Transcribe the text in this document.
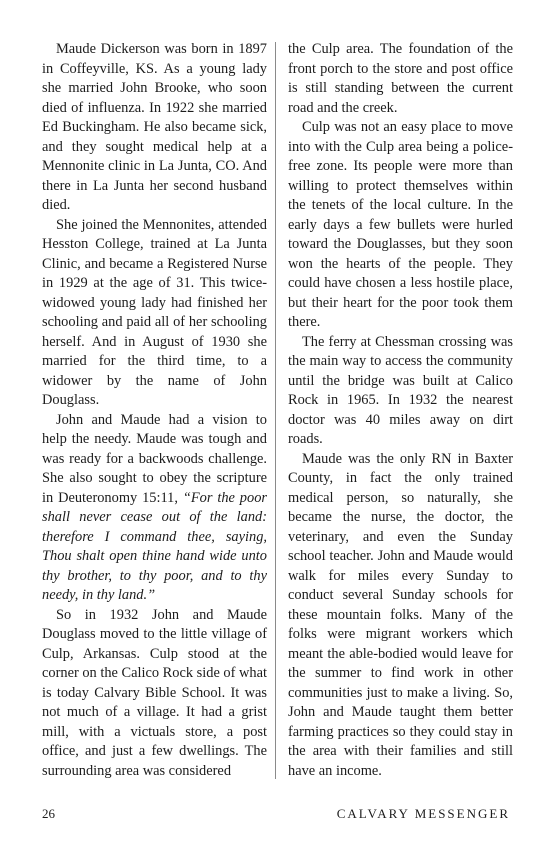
Maude Dickerson was born in 1897 in Coffeyville, KS. As a young lady she married John Brooke, who soon died of influenza. In 1922 she married Ed Buckingham. He also became sick, and they sought medical help at a Mennonite clinic in La Junta, CO. And there in La Junta her second husband died.

She joined the Mennonites, attended Hesston College, trained at La Junta Clinic, and became a Registered Nurse in 1929 at the age of 31. This twice-widowed young lady had finished her schooling and paid all of her schooling herself. And in August of 1930 she married for the third time, to a widower by the name of John Douglass.

John and Maude had a vision to help the needy. Maude was tough and was ready for a backwoods challenge. She also sought to obey the scripture in Deuteronomy 15:11, “For the poor shall never cease out of the land: therefore I command thee, saying, Thou shalt open thine hand wide unto thy brother, to thy poor, and to thy needy, in thy land.”

So in 1932 John and Maude Douglass moved to the little village of Culp, Arkansas. Culp stood at the corner on the Calico Rock side of what is today Calvary Bible School. It was not much of a village. It had a grist mill, with a victuals store, a post office, and just a few dwellings. The surrounding area was considered

the Culp area. The foundation of the front porch to the store and post office is still standing between the current road and the creek.

Culp was not an easy place to move into with the Culp area being a police-free zone. Its people were more than willing to protect themselves within the tenets of the local culture. In the early days a few bullets were hurled toward the Douglasses, but they soon won the hearts of the people. They could have chosen a less hostile place, but their heart for the poor took them there.

The ferry at Chessman crossing was the main way to access the community until the bridge was built at Calico Rock in 1965. In 1932 the nearest doctor was 40 miles away on dirt roads.

Maude was the only RN in Baxter County, in fact the only trained medical person, so naturally, she became the nurse, the doctor, the veterinary, and even the Sunday school teacher. John and Maude would walk for miles every Sunday to conduct several Sunday schools for these mountain folks. Many of the folks were migrant workers which meant the able-bodied would leave for the summer to find work in other communities just to make a living. So, John and Maude taught them better farming practices so they could stay in the area with their families and still have an income.

26	CALVARY MESSENGER
